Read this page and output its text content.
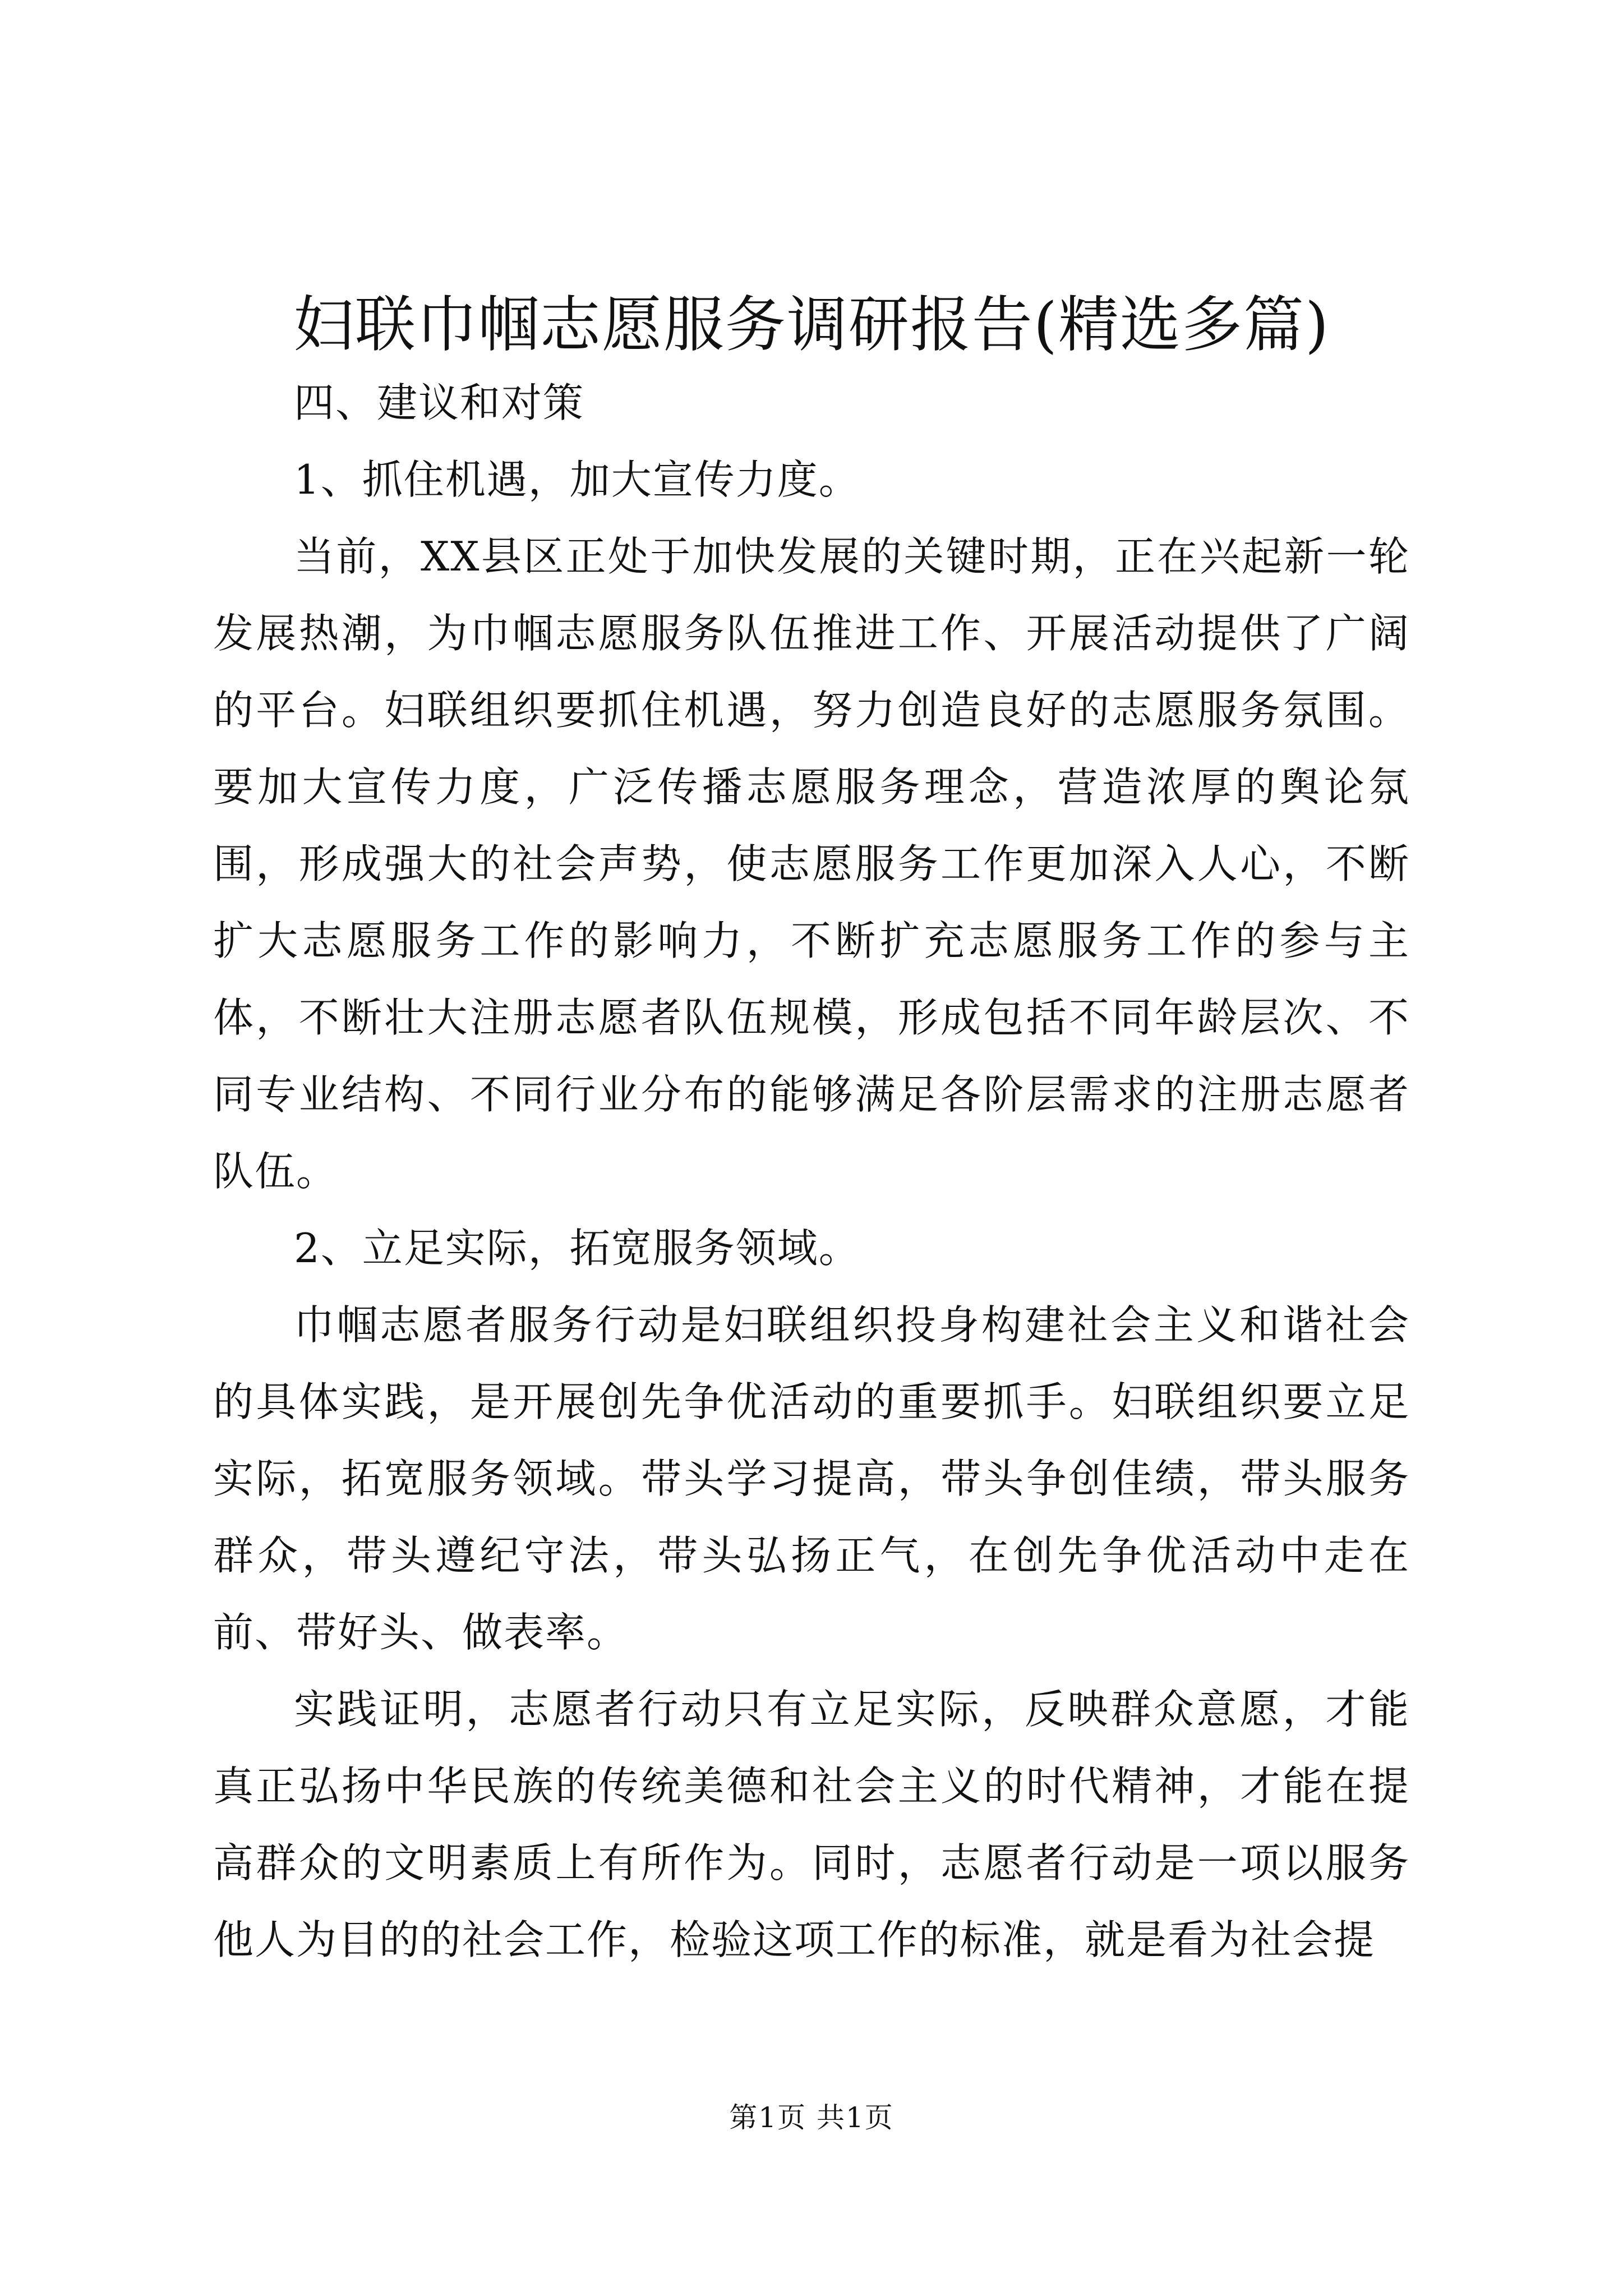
妇联巾帼志愿服务调研报告(精选多篇)

四、建议和对策

1、抓住机遇，加大宣传力度。

当前，XX县区正处于加快发展的关键时期，正在兴起新一轮发展热潮，为巾帼志愿服务队伍推进工作、开展活动提供了广阔的平台。妇联组织要抓住机遇，努力创造良好的志愿服务氛围。要加大宣传力度，广泛传播志愿服务理念，营造浓厚的舆论氛围，形成强大的社会声势，使志愿服务工作更加深入人心，不断扩大志愿服务工作的影响力，不断扩充志愿服务工作的参与主体，不断壮大注册志愿者队伍规模，形成包括不同年龄层次、不同专业结构、不同行业分布的能够满足各阶层需求的注册志愿者队伍。

2、立足实际，拓宽服务领域。

巾帼志愿者服务行动是妇联组织投身构建社会主义和谐社会的具体实践，是开展创先争优活动的重要抓手。妇联组织要立足实际，拓宽服务领域。带头学习提高，带头争创佳绩，带头服务群众，带头遵纪守法，带头弘扬正气，在创先争优活动中走在前、带好头、做表率。

实践证明，志愿者行动只有立足实际，反映群众意愿，才能真正弘扬中华民族的传统美德和社会主义的时代精神，才能在提高群众的文明素质上有所作为。同时，志愿者行动是一项以服务他人为目的的社会工作，检验这项工作的标准，就是看为社会提

第1页 共1页
